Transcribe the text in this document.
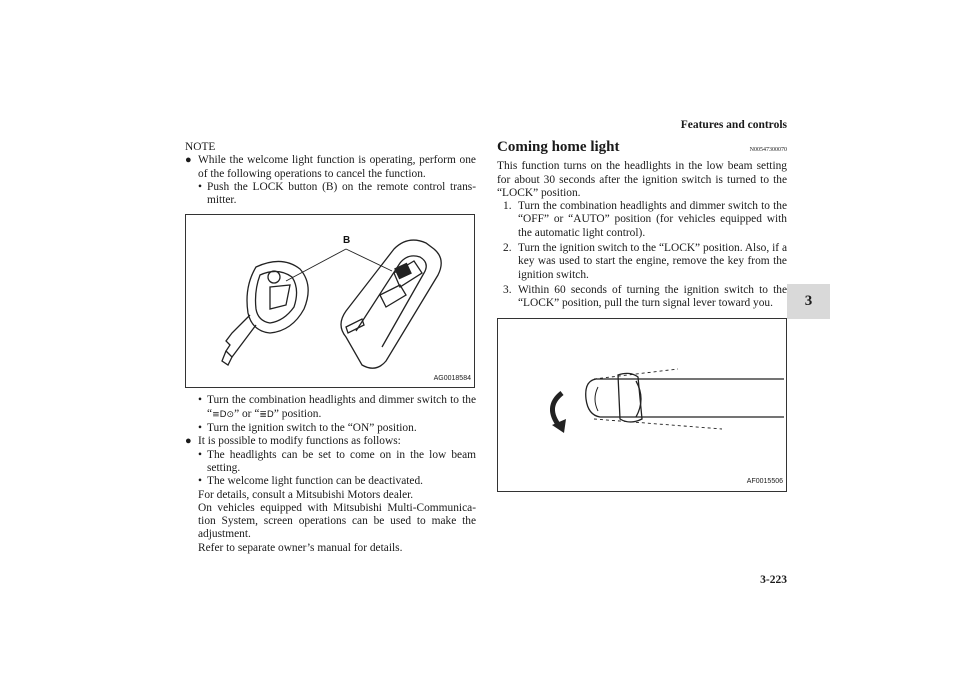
Features and controls
3

NOTE

● While the welcome light function is operating, perform one of the following operations to cancel the function.
• Push the LOCK button (B) on the remote control trans-mitter.
B
AG0018584
• Turn the combination headlights and dimmer switch to the “≡D⊙” or “≣D” position.
• Turn the ignition switch to the “ON” position.
● It is possible to modify functions as follows:
• The headlights can be set to come on in the low beam setting.
• The welcome light function can be deactivated.

For details, consult a Mitsubishi Motors dealer.

On vehicles equipped with Mitsubishi Multi-Communica-tion System, screen operations can be used to make the adjustment.

Refer to separate owner’s manual for details.

Coming home light	N00547300070

This function turns on the headlights in the low beam setting for about 30 seconds after the ignition switch is turned to the “LOCK” position.

1. Turn the combination headlights and dimmer switch to the “OFF” or “AUTO” position (for vehicles equipped with the automatic light control).
2. Turn the ignition switch to the “LOCK” position. Also, if a key was used to start the engine, remove the key from the ignition switch.
3. Within 60 seconds of turning the ignition switch to the “LOCK” position, pull the turn signal lever toward you.
AF0015506
3-223
